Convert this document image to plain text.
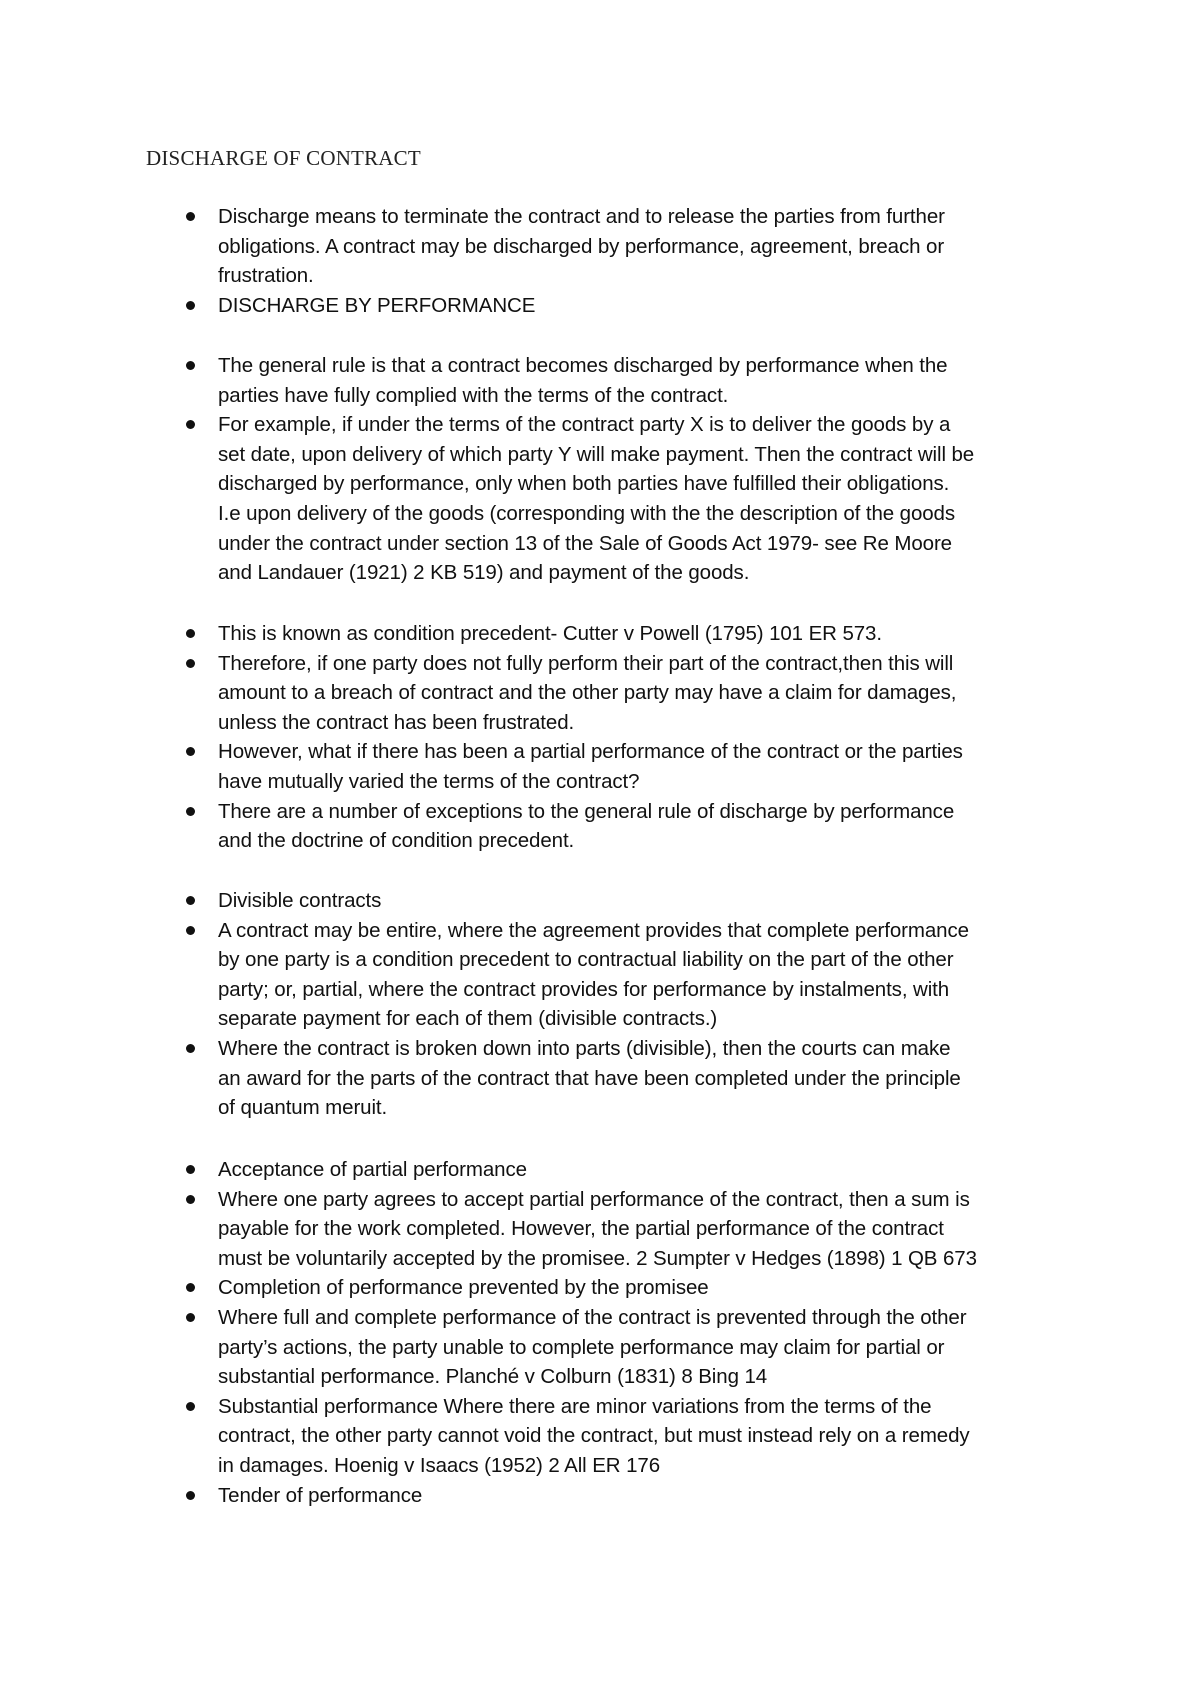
DISCHARGE OF CONTRACT
Discharge means to terminate the contract and to release the parties from further
obligations. A contract may be discharged by performance, agreement, breach or
frustration.
DISCHARGE BY PERFORMANCE
The general rule is that a contract becomes discharged by performance when the
parties have fully complied with the terms of the contract.
For example, if under the terms of the contract party X is to deliver the goods by a
set date, upon delivery of which party Y will make payment. Then the contract will be
discharged by performance, only when both parties have fulfilled their obligations.
I.e upon delivery of the goods (corresponding with the the description of the goods
under the contract under section 13 of the Sale of Goods Act 1979- see Re Moore
and Landauer (1921) 2 KB 519) and payment of the goods.
This is known as condition precedent- Cutter v Powell (1795) 101 ER 573.
Therefore, if one party does not fully perform their part of the contract,then this will
amount to a breach of contract and the other party may have a claim for damages,
unless the contract has been frustrated.
However, what if there has been a partial performance of the contract or the parties
have mutually varied the terms of the contract?
There are a number of exceptions to the general rule of discharge by performance
and the doctrine of condition precedent.
Divisible contracts
A contract may be entire, where the agreement provides that complete performance
by one party is a condition precedent to contractual liability on the part of the other
party; or, partial, where the contract provides for performance by instalments, with
separate payment for each of them (divisible contracts.)
Where the contract is broken down into parts (divisible), then the courts can make
an award for the parts of the contract that have been completed under the principle
of quantum meruit.
Acceptance of partial performance
Where one party agrees to accept partial performance of the contract, then a sum is
payable for the work completed. However, the partial performance of the contract
must be voluntarily accepted by the promisee. 2 Sumpter v Hedges (1898) 1 QB 673
Completion of performance prevented by the promisee
Where full and complete performance of the contract is prevented through the other
party’s actions, the party unable to complete performance may claim for partial or
substantial performance. Planché v Colburn (1831) 8 Bing 14
Substantial performance Where there are minor variations from the terms of the
contract, the other party cannot void the contract, but must instead rely on a remedy
in damages. Hoenig v Isaacs (1952) 2 All ER 176
Tender of performance
